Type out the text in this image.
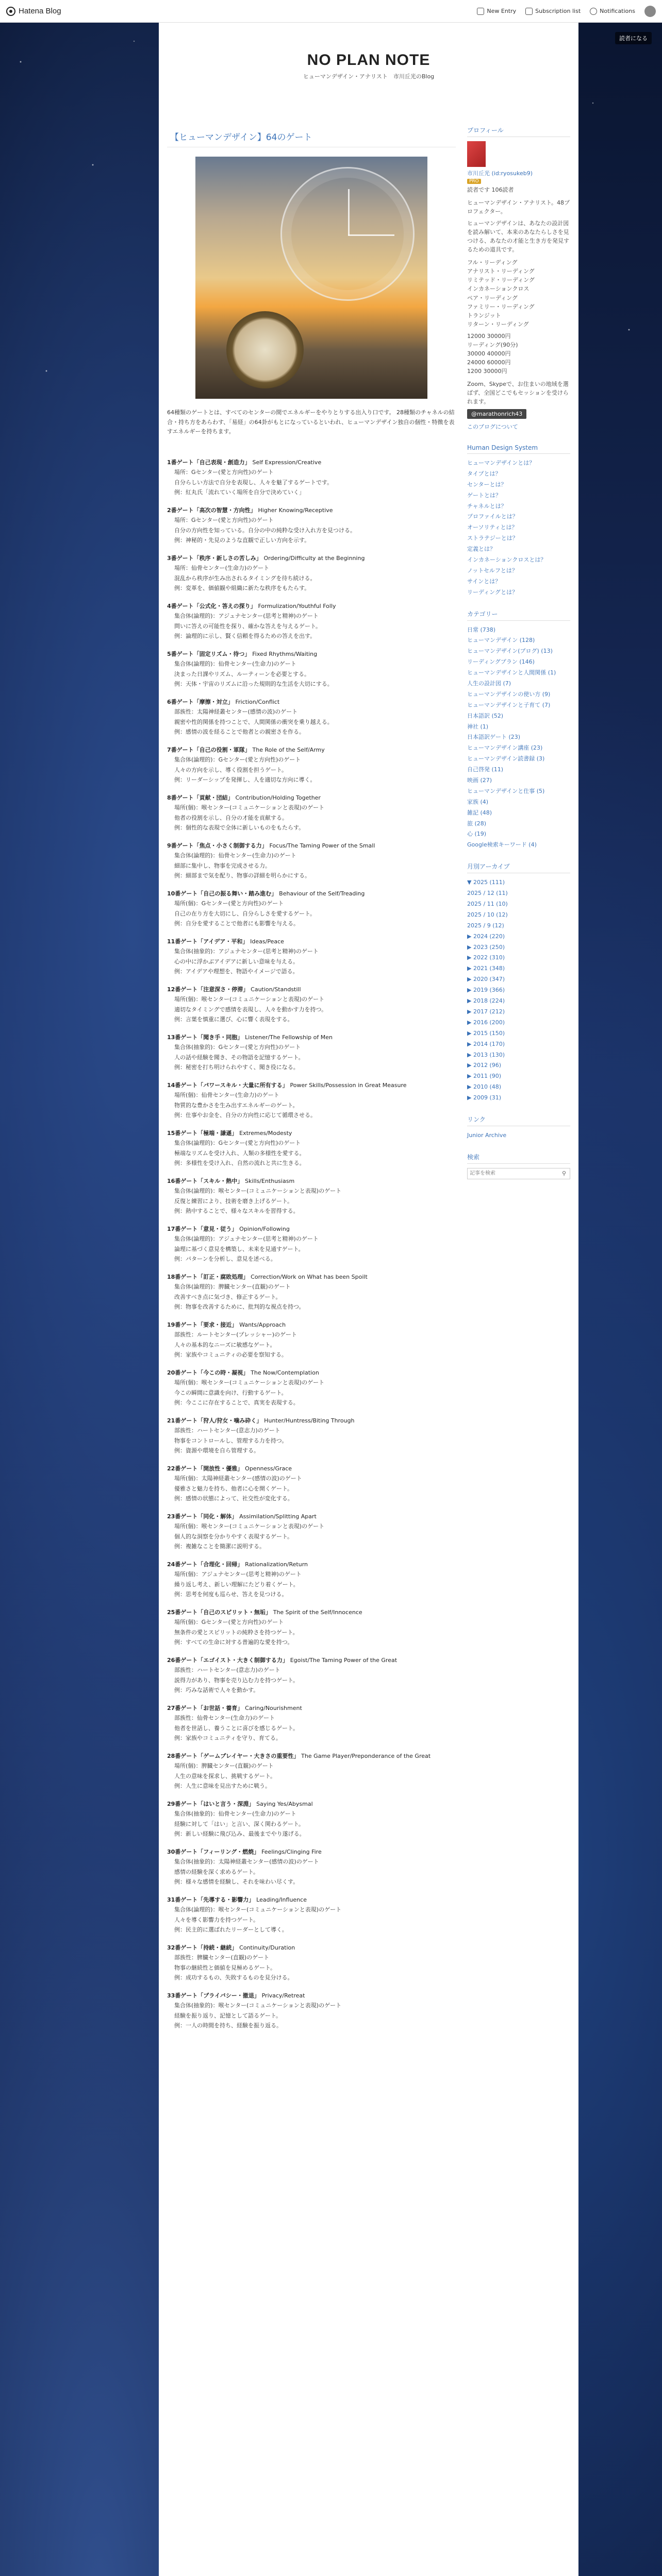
Hatena Blog	New Entry	Subscription list	Notifications
読者になる
NO PLAN NOTE
ヒューマンデザイン・アナリスト　市川丘光のBlog
【ヒューマンデザイン】64のゲート

64種類のゲートとは、すべてのセンターの間でエネルギーをやりとりする出入り口です。 28種類のチャネルの結合・持ち方をあらわす、「易経」の64卦がもとになっているといわれ、ヒューマンデザイン独自の個性・特徴を表すエネルギーを持ちます。

1番ゲート「自己表現・創造力」 Self Expression/Creative
場所：Gセンター(愛と方向性)のゲート
自分らしい方法で自分を表現し、人々を魅了するゲートです。
例：紅丸氏「流れていく場所を自分で決めていく」
2番ゲート「高次の智慧・方向性」 Higher Knowing/Receptive
場所：Gセンター(愛と方向性)のゲート
自分の方向性を知っている。自分の中の純粋な受け入れ方を見つける。
例：神秘的・先見のような直観で正しい方向を示す。
3番ゲート「秩序・新しさの苦しみ」 Ordering/Difficulty at the Beginning
場所：仙骨センター(生命力)のゲート
混乱から秩序が生み出されるタイミングを待ち続ける。
例：変革を、価値観や組織に新たな秩序をもたらす。
4番ゲート「公式化・答えの探り」 Formulization/Youthful Folly
集合体(論理的)：アジュナセンター(思考と精神)のゲート
問いに答えの可能性を探り、確かな答えを与えるゲート。
例：論理的に示し、賢く信頼を得るための答えを出す。
5番ゲート「固定リズム・待つ」 Fixed Rhythms/Waiting
集合体(論理的)：仙骨センター(生命力)のゲート
決まった日課やリズム、ルーティーンを必要とする。
例：天体・宇宙のリズムに沿った規則的な生活を大切にする。
6番ゲート「摩擦・対立」 Friction/Conflict
部族性：太陽神経叢センター(感情の波)のゲート
親密や性的関係を持つことで、人間関係の衝突を乗り越える。
例：感情の波を経ることで他者との親密さを作る。
7番ゲート「自己の役割・軍隊」 The Role of the Self/Army
集合体(論理的)：Gセンター(愛と方向性)のゲート
人々の方向を示し、導く役割を担うゲート。
例：リーダーシップを発揮し、人を適切な方向に導く。
8番ゲート「貢献・団結」 Contribution/Holding Together
場所(個)：喉センター(コミュニケーションと表現)のゲート
他者の役割を示し、自分の才能を貢献する。
例：個性的な表現で全体に新しいものをもたらす。
9番ゲート「焦点・小さく制御する力」 Focus/The Taming Power of the Small
集合体(論理的)：仙骨センター(生命力)のゲート
細部に集中し、物事を完成させる力。
例：細部まで気を配り、物事の詳細を明らかにする。
10番ゲート「自己の振る舞い・踏み進む」 Behaviour of the Self/Treading
場所(個)：Gセンター(愛と方向性)のゲート
自己の在り方を大切にし、自分らしさを愛するゲート。
例：自分を愛することで他者にも影響を与える。
11番ゲート「アイデア・平和」 Ideas/Peace
集合体(抽象的)：アジュナセンター(思考と精神)のゲート
心の中に浮かぶアイデアに新しい意味を与える。
例：アイデアや理想を、物語やイメージで語る。
12番ゲート「注意深さ・停滞」 Caution/Standstill
場所(個)：喉センター(コミュニケーションと表現)のゲート
適切なタイミングで感情を表現し、人々を動かす力を持つ。
例：言葉を慎重に選び、心に響く表現をする。
13番ゲート「聞き手・同胞」 Listener/The Fellowship of Men
集合体(抽象的)：Gセンター(愛と方向性)のゲート
人の話や経験を聞き、その物語を記憶するゲート。
例：秘密を打ち明けられやすく、聞き役になる。
14番ゲート「パワースキル・大量に所有する」 Power Skills/Possession in Great Measure
場所(個)：仙骨センター(生命力)のゲート
物質的な豊かさを生み出すエネルギーのゲート。
例：仕事やお金を、自分の方向性に応じて循環させる。
15番ゲート「極端・謙遜」 Extremes/Modesty
集合体(論理的)：Gセンター(愛と方向性)のゲート
極端なリズムを受け入れ、人類の多様性を愛する。
例：多様性を受け入れ、自然の流れと共に生きる。
16番ゲート「スキル・熱中」 Skills/Enthusiasm
集合体(論理的)：喉センター(コミュニケーションと表現)のゲート
反復と練習により、技術を磨き上げるゲート。
例：熱中することで、様々なスキルを習得する。
17番ゲート「意見・従う」 Opinion/Following
集合体(論理的)：アジュナセンター(思考と精神)のゲート
論理に基づく意見を構築し、未来を見通すゲート。
例：パターンを分析し、意見を述べる。
18番ゲート「訂正・腐敗処理」 Correction/Work on What has been Spoilt
集合体(論理的)：脾臓センター(直観)のゲート
改善すべき点に気づき、修正するゲート。
例：物事を改善するために、批判的な視点を持つ。
19番ゲート「要求・接近」 Wants/Approach
部族性：ルートセンター(プレッシャー)のゲート
人々の基本的なニーズに敏感なゲート。
例：家族やコミュニティの必要を察知する。
20番ゲート「今この時・凝視」 The Now/Contemplation
場所(個)：喉センター(コミュニケーションと表現)のゲート
今この瞬間に意識を向け、行動するゲート。
例：今ここに存在することで、真実を表現する。
21番ゲート「狩人/狩女・噛み砕く」 Hunter/Huntress/Biting Through
部族性：ハートセンター(意志力)のゲート
物事をコントロールし、管理する力を持つ。
例：資源や環境を自ら管理する。
22番ゲート「開放性・優雅」 Openness/Grace
場所(個)：太陽神経叢センター(感情の波)のゲート
優雅さと魅力を持ち、他者に心を開くゲート。
例：感情の状態によって、社交性が変化する。
23番ゲート「同化・解体」 Assimilation/Splitting Apart
場所(個)：喉センター(コミュニケーションと表現)のゲート
個人的な洞察を分かりやすく表現するゲート。
例：複雑なことを簡潔に説明する。
24番ゲート「合理化・回帰」 Rationalization/Return
場所(個)：アジュナセンター(思考と精神)のゲート
繰り返し考え、新しい理解にたどり着くゲート。
例：思考を何度も巡らせ、答えを見つける。
25番ゲート「自己のスピリット・無垢」 The Spirit of the Self/Innocence
場所(個)：Gセンター(愛と方向性)のゲート
無条件の愛とスピリットの純粋さを持つゲート。
例：すべての生命に対する普遍的な愛を持つ。
26番ゲート「エゴイスト・大きく制御する力」 Egoist/The Taming Power of the Great
部族性：ハートセンター(意志力)のゲート
説得力があり、物事を売り込む力を持つゲート。
例：巧みな話術で人々を動かす。
27番ゲート「お世話・養育」 Caring/Nourishment
部族性：仙骨センター(生命力)のゲート
他者を世話し、養うことに喜びを感じるゲート。
例：家族やコミュニティを守り、育てる。
28番ゲート「ゲームプレイヤー・大きさの重要性」 The Game Player/Preponderance of the Great
場所(個)：脾臓センター(直観)のゲート
人生の意味を探求し、挑戦するゲート。
例：人生に意味を見出すために戦う。
29番ゲート「はいと言う・深淵」 Saying Yes/Abysmal
集合体(抽象的)：仙骨センター(生命力)のゲート
経験に対して「はい」と言い、深く関わるゲート。
例：新しい経験に飛び込み、最後までやり遂げる。
30番ゲート「フィーリング・燃焼」 Feelings/Clinging Fire
集合体(抽象的)：太陽神経叢センター(感情の波)のゲート
感情の経験を深く求めるゲート。
例：様々な感情を経験し、それを味わい尽くす。
31番ゲート「先導する・影響力」 Leading/Influence
集合体(論理的)：喉センター(コミュニケーションと表現)のゲート
人々を導く影響力を持つゲート。
例：民主的に選ばれたリーダーとして導く。
32番ゲート「持続・継続」 Continuity/Duration
部族性：脾臓センター(直観)のゲート
物事の継続性と価値を見極めるゲート。
例：成功するもの、失敗するものを見分ける。
33番ゲート「プライバシー・撤退」 Privacy/Retreat
集合体(抽象的)：喉センター(コミュニケーションと表現)のゲート
経験を振り返り、記憶として語るゲート。
例：一人の時間を持ち、経験を振り返る。
プロフィール
市川丘光 (id:ryosukeb9)
PRO
読者です 106読者
ヒューマンデザイン・アナリスト。48プロフェクター。
ヒューマンデザインは、あなたの設計図を読み解いて、本来のあなたらしさを見つける、あなたの才能と生き方を発見するための道具です。
フル・リーディング
アナリスト・リーディング
リミテッド・リーディング
インカネーションクロス
ペア・リーディング
ファミリー・リーディング
トランジット
リターン・リーディング
12000 30000円
リーディング(90分)
30000 40000円
24000 60000円
1200 30000円
Zoom、Skypeで、お住まいの地域を選ばず、全国どこでもセッションを受けられます。
@marathonrich43
このブログについて
Human Design System
ヒューマンデザインとは？
タイプとは？
センターとは？
ゲートとは？
チャネルとは？
プロファイルとは？
オーソリティとは？
ストラテジーとは？
定義とは？
インカネーションクロスとは？
ノットセルフとは？
サインとは？
リーディングとは？
カテゴリー
日常 (738)
ヒューマンデザイン (128)
ヒューマンデザイン(ブログ) (13)
リーディングプラン (146)
ヒューマンデザインと人間関係 (1)
人生の設計図 (7)
ヒューマンデザインの使い方 (9)
ヒューマンデザインと子育て (7)
日本語訳 (52)
神社 (1)
日本語訳ゲート (23)
ヒューマンデザイン講座 (23)
ヒューマンデザイン読書録 (3)
自己啓発 (11)
映画 (27)
ヒューマンデザインと仕事 (5)
家族 (4)
雑記 (48)
旅 (28)
心 (19)
Google検索キーワード (4)
月別アーカイブ
▼ 2025 (111)
2025 / 12 (11)
2025 / 11 (10)
2025 / 10 (12)
2025 / 9 (12)
▶ 2024 (220)
▶ 2023 (250)
▶ 2022 (310)
▶ 2021 (348)
▶ 2020 (347)
▶ 2019 (366)
▶ 2018 (224)
▶ 2017 (212)
▶ 2016 (200)
▶ 2015 (150)
▶ 2014 (170)
▶ 2013 (130)
▶ 2012 (96)
▶ 2011 (90)
▶ 2010 (48)
▶ 2009 (31)
リンク
Junior Archive
検索
記事を検索
⚲
